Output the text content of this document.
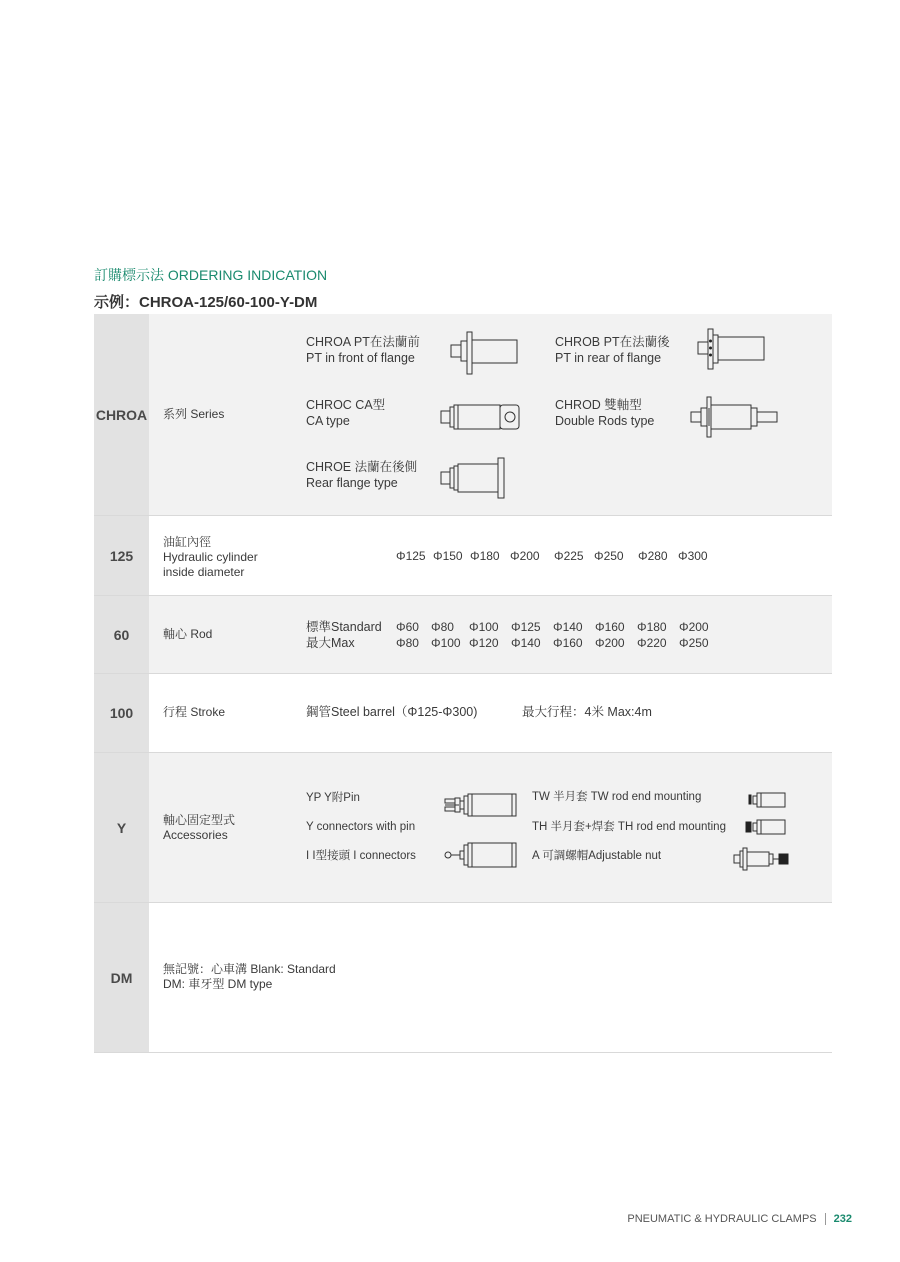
訂購標示法 ORDERING INDICATION
示例：CHROA-125/60-100-Y-DM
CHROA 系列 Series
CHROA PT在法蘭前
PT in front of flange
CHROB PT在法蘭後
PT in rear of flange
CHROC CA型
CA type
CHROD 雙軸型
Double Rods type
CHROE 法蘭在後側
Rear flange type
125
油缸內徑
Hydraulic cylinder
inside diameter
Φ125 Φ150 Φ180 Φ200 Φ225 Φ250 Φ280 Φ300
60	軸心 Rod	標準Standard
最大Max
Φ60 Φ80 Φ100 Φ125 Φ140 Φ160 Φ180 Φ200
Φ80 Φ100 Φ120 Φ140 Φ160 Φ200 Φ220 Φ250
100	行程 Stroke	鋼管Steel barrel（Φ125-Φ300)	最大行程：4米 Max:4m
Y	軸心固定型式
Accessories
YP Y附Pin
Y connectors with pin
I I型接頭 I connectors
TW 半月套 TW rod end mounting
TH 半月套+焊套 TH rod end mounting
A 可調螺帽Adjustable nut
DM
無記號：心車溝 Blank: Standard
DM: 車牙型 DM type
PNEUMATIC & HYDRAULIC CLAMPS 232
